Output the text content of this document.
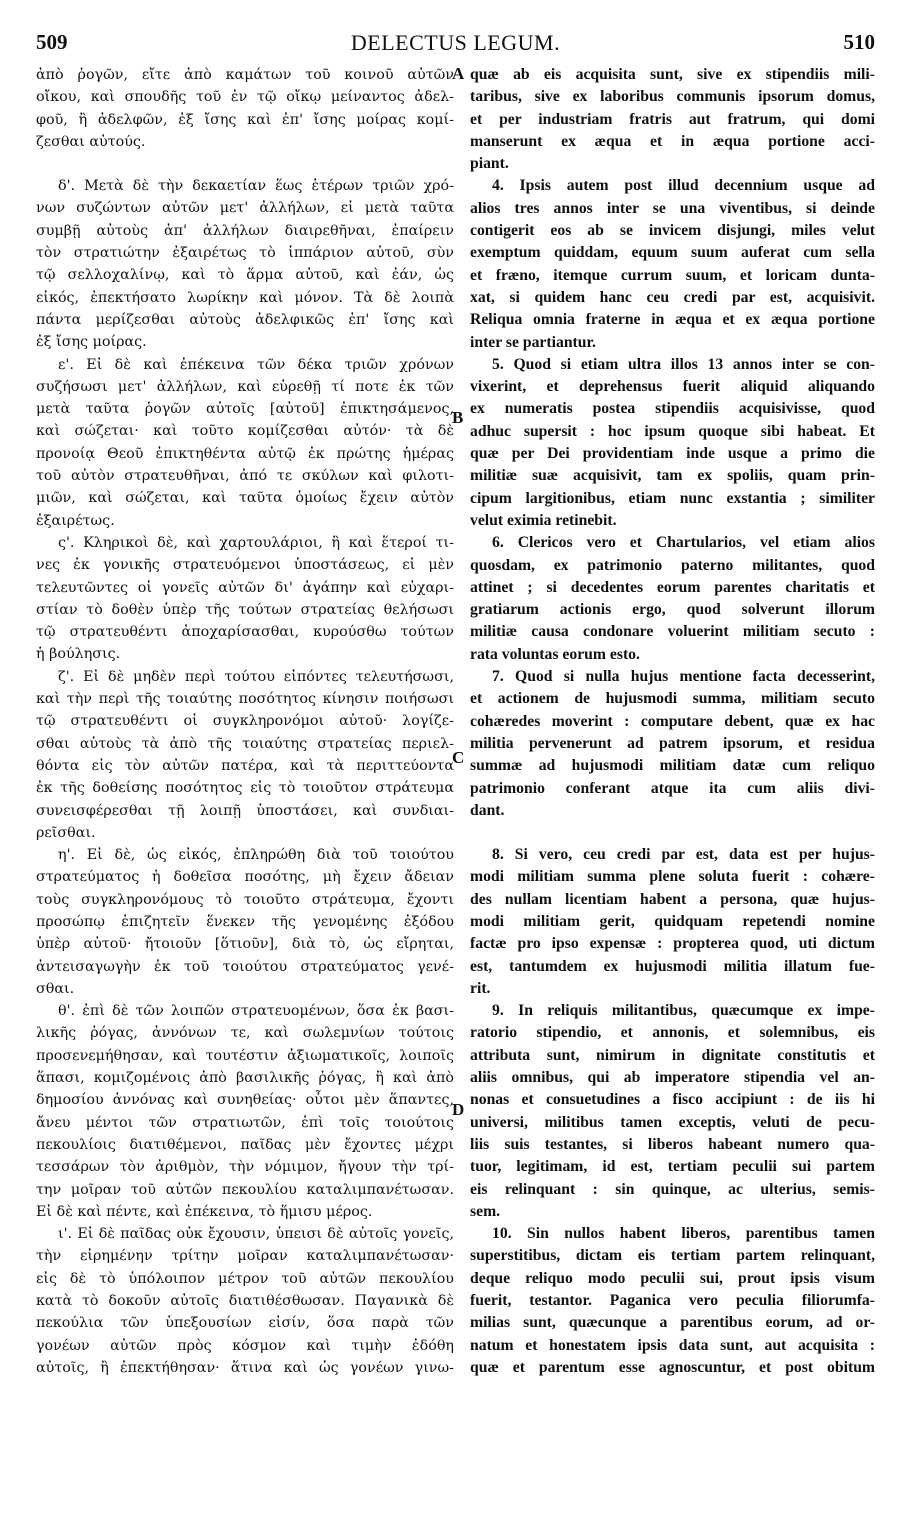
509	DELECTUS LEGUM.	510
ἀπὸ ῥογῶν, εἴτε ἀπὸ καμάτων τοῦ κοινοῦ αὐτῶν
οἴκου, καὶ σπουδῆς τοῦ ἐν τῷ οἴκῳ μείναντος ἀδελ-
φοῦ, ἢ ἀδελφῶν, ἐξ ἴσης καὶ ἐπ' ἴσης μοίρας κομί-
ζεσθαι αὐτούς.
δ'. Μετὰ δὲ τὴν δεκαετίαν ἕως ἑτέρων τριῶν χρό-
νων συζώντων αὐτῶν μετ' ἀλλήλων, εἰ μετὰ ταῦτα
συμβῇ αὐτοὺς ἀπ' ἀλλήλων διαιρεθῆναι, ἐπαίρειν
τὸν στρατιώτην ἐξαιρέτως τὸ ἱππάριον αὐτοῦ, σὺν
τῷ σελλοχαλίνῳ, καὶ τὸ ἅρμα αὐτοῦ, καὶ ἐάν, ὡς
εἰκός, ἐπεκτήσατο λωρίκην καὶ μόνον. Τὰ δὲ λοιπὰ
πάντα μερίζεσθαι αὐτοὺς ἀδελφικῶς ἐπ' ἴσης καὶ
ἐξ ἴσης μοίρας.
ε'. Εἰ δὲ καὶ ἐπέκεινα τῶν δέκα τριῶν χρόνων
συζήσωσι μετ' ἀλλήλων, καὶ εὑρεθῇ τί ποτε ἐκ τῶν
μετὰ ταῦτα ῥογῶν αὐτοῖς [αὐτοῦ] ἐπικτησάμενος,
καὶ σώζεται· καὶ τοῦτο κομίζεσθαι αὐτόν· τὰ δὲ
προνοίᾳ Θεοῦ ἐπικτηθέντα αὐτῷ ἐκ πρώτης ἡμέρας
τοῦ αὐτὸν στρατευθῆναι, ἀπό τε σκύλων καὶ φιλοτι-
μιῶν, καὶ σώζεται, καὶ ταῦτα ὁμοίως ἔχειν αὐτὸν
ἐξαιρέτως.
ς'. Κληρικοὶ δὲ, καὶ χαρτουλάριοι, ἢ καὶ ἕτεροί τι-
νες ἐκ γονικῆς στρατευόμενοι ὑποστάσεως, εἰ μὲν
τελευτῶντες οἱ γονεῖς αὐτῶν δι' ἀγάπην καὶ εὐχαρι-
στίαν τὸ δοθὲν ὑπὲρ τῆς τούτων στρατείας θελήσωσι
τῷ στρατευθέντι ἀποχαρίσασθαι, κυρούσθω τούτων
ἡ βούλησις.
ζ'. Εἰ δὲ μηδὲν περὶ τούτου εἰπόντες τελευτήσωσι,
καὶ τὴν περὶ τῆς τοιαύτης ποσότητος κίνησιν ποιήσωσι
τῷ στρατευθέντι οἱ συγκληρονόμοι αὐτοῦ· λογίζε-
σθαι αὐτοὺς τὰ ἀπὸ τῆς τοιαύτης στρατείας περιελ-
θόντα εἰς τὸν αὐτῶν πατέρα, καὶ τὰ περιττεύοντα
ἐκ τῆς δοθείσης ποσότητος εἰς τὸ τοιοῦτον στράτευμα
συνεισφέρεσθαι τῇ λοιπῇ ὑποστάσει, καὶ συνδιαι-
ρεῖσθαι.
η'. Εἰ δὲ, ὡς εἰκός, ἐπληρώθη διὰ τοῦ τοιούτου
στρατεύματος ἡ δοθεῖσα ποσότης, μὴ ἔχειν ἄδειαν
τοὺς συγκληρονόμους τὸ τοιοῦτο στράτευμα, ἔχοντι
προσώπῳ ἐπιζητεῖν ἕνεκεν τῆς γενομένης ἐξόδου
ὑπὲρ αὐτοῦ· ἤτοιοῦν [ὅτιοῦν], διὰ τὸ, ὡς εἴρηται,
ἀντεισαγωγὴν ἐκ τοῦ τοιούτου στρατεύματος γενέ-
σθαι.
θ'. ἐπὶ δὲ τῶν λοιπῶν στρατευομένων, ὅσα ἐκ βασι-
λικῆς ῥόγας, ἀννόνων τε, καὶ σωλεμνίων τούτοις
προσενεμήθησαν, καὶ τουτέστιν ἀξιωματικοῖς, λοιποῖς
ἅπασι, κομιζομένοις ἀπὸ βασιλικῆς ῥόγας, ἢ καὶ ἀπὸ
δημοσίου ἀννόνας καὶ συνηθείας· οὗτοι μὲν ἅπαντες,
ἄνευ μέντοι τῶν στρατιωτῶν, ἐπὶ τοῖς τοιούτοις
πεκουλίοις διατιθέμενοι, παῖδας μὲν ἔχοντες μέχρι
τεσσάρων τὸν ἀριθμὸν, τὴν νόμιμον, ἤγουν τὴν τρί-
την μοῖραν τοῦ αὐτῶν πεκουλίου καταλιμπανέτωσαν.
Εἰ δὲ καὶ πέντε, καὶ ἐπέκεινα, τὸ ἥμισυ μέρος.
ι'. Εἰ δὲ παῖδας οὐκ ἔχουσιν, ὑπεισι δὲ αὐτοῖς γονεῖς,
τὴν εἰρημένην τρίτην μοῖραν καταλιμπανέτωσαν·
εἰς δὲ τὸ ὑπόλοιπον μέτρον τοῦ αὐτῶν πεκουλίου
κατὰ τὸ δοκοῦν αὐτοῖς διατιθέσθωσαν. Παγανικὰ δὲ
πεκούλια τῶν ὑπεξουσίων εἰσίν, ὅσα παρὰ τῶν
γονέων αὐτῶν πρὸς κόσμον καὶ τιμὴν ἐδόθη
αὐτοῖς, ἢ ἐπεκτήθησαν· ἅτινα καὶ ὡς γονέων γινω-
quæ ab eis acquisita sunt, sive ex stipendiis mili-
taribus, sive ex laboribus communis ipsorum domus,
et per industriam fratris aut fratrum, qui domi
manserunt ex æqua et in æqua portione acci-
piant.
4. Ipsis autem post illud decennium usque ad
alios tres annos inter se una viventibus, si deinde
contigerit eos ab se invicem disjungi, miles velut
exemptum quiddam, equum suum auferat cum sella
et fræno, itemque currum suum, et loricam dunta-
xat, si quidem hanc ceu credi par est, acquisivit.
Reliqua omnia fraterne in æqua et ex æqua portione
inter se partiantur.
5. Quod si etiam ultra illos 13 annos inter se con-
vixerint, et deprehensus fuerit aliquid aliquando
ex numeratis postea stipendiis acquisivisse, quod
adhuc supersit : hoc ipsum quoque sibi habeat. Et
quæ per Dei providentiam inde usque a primo die
militiæ suæ acquisivit, tam ex spoliis, quam prin-
cipum largitionibus, etiam nunc exstantia ; similiter
velut eximia retinebit.
6. Clericos vero et Chartularios, vel etiam alios
quosdam, ex patrimonio paterno militantes, quod
attinet ; si decedentes eorum parentes charitatis et
gratiarum actionis ergo, quod solverunt illorum
militiæ causa condonare voluerint militiam secuto :
rata voluntas eorum esto.
7. Quod si nulla hujus mentione facta decesserint,
et actionem de hujusmodi summa, militiam secuto
cohæredes moverint : computare debent, quæ ex hac
militia pervenerunt ad patrem ipsorum, et residua
summæ ad hujusmodi militiam datæ cum reliquo
patrimonio conferant atque ita cum aliis divi-
dant.
8. Si vero, ceu credi par est, data est per hujus-
modi militiam summa plene soluta fuerit : cohære-
des nullam licentiam habent a persona, quæ hujus-
modi militiam gerit, quidquam repetendi nomine
factæ pro ipso expensæ : propterea quod, uti dictum
est, tantumdem ex hujusmodi militia illatum fue-
rit.
9. In reliquis militantibus, quæcumque ex impe-
ratorio stipendio, et annonis, et solemnibus, eis
attributa sunt, nimirum in dignitate constitutis et
aliis omnibus, qui ab imperatore stipendia vel an-
nonas et consuetudines a fisco accipiunt : de iis hi
universi, militibus tamen exceptis, veluti de pecu-
liis suis testantes, si liberos habeant numero qua-
tuor, legitimam, id est, tertiam peculii sui partem
eis relinquant : sin quinque, ac ulterius, semis-
sem.
10. Sin nullos habent liberos, parentibus tamen
superstitibus, dictam eis tertiam partem relinquant,
deque reliquo modo peculii sui, prout ipsis visum
fuerit, testantor. Paganica vero peculia filiorumfa-
milias sunt, quæcunque a parentibus eorum, ad or-
natum et honestatem ipsis data sunt, aut acquisita :
quæ et parentum esse agnoscuntur, et post obitum
A
B
C
D
